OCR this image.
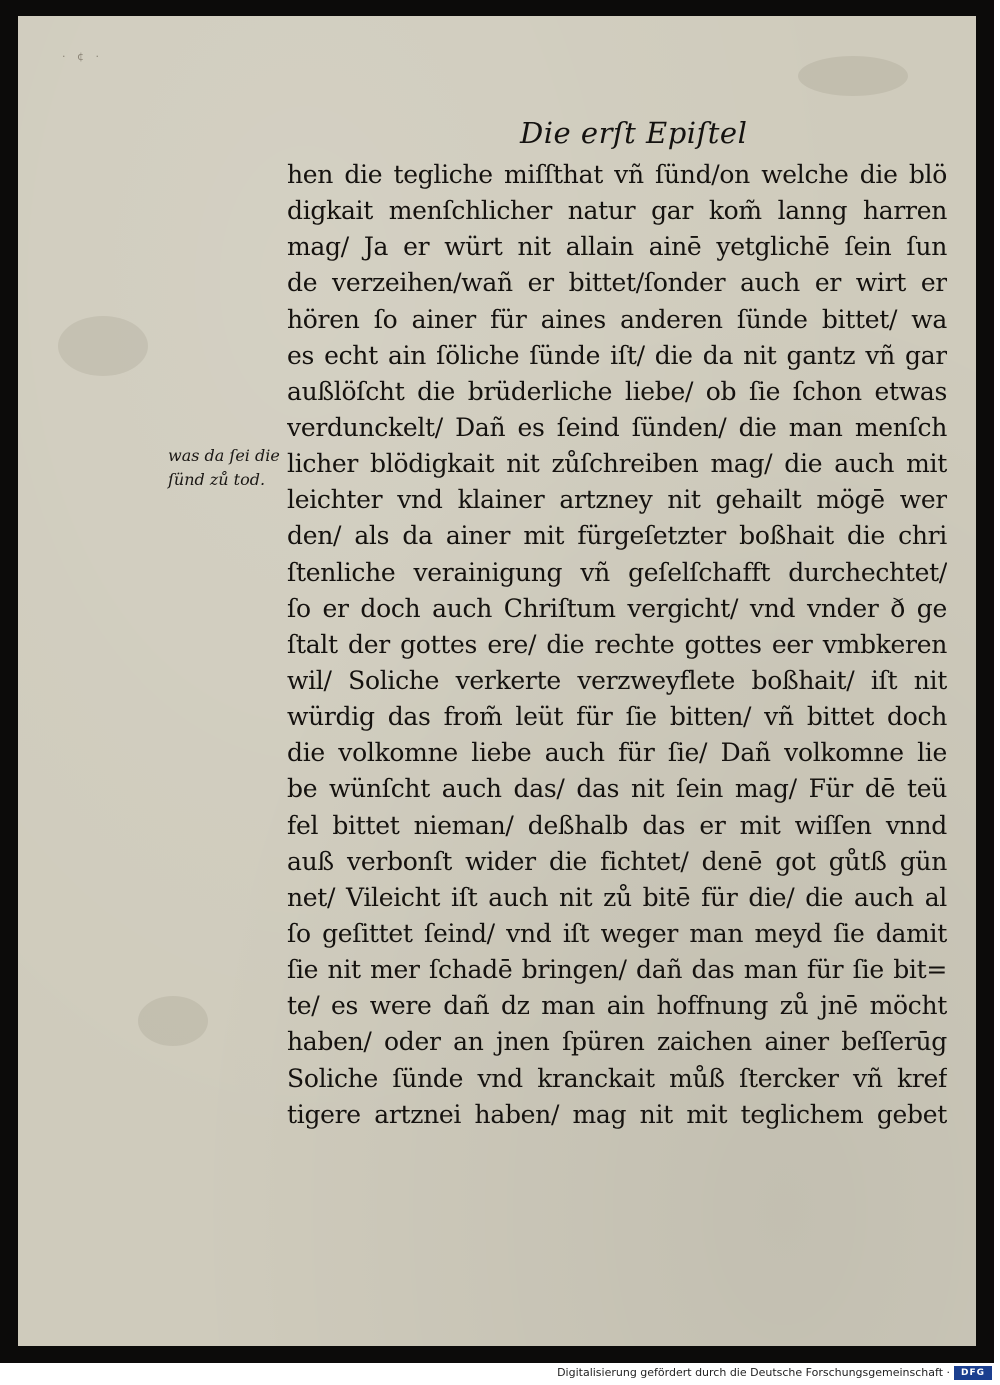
· ¢ ·
Die erſt Epiſtel
was da ſei die
ſünd zů tod.
hen die tegliche miſſthat vñ ſünd/on welche die blö
digkait menſchlicher natur gar kom̃ lanng harren
mag/ Ja er würt nit allain ainē yetglichē ſein ſun
de verzeihen/wañ er bittet/ſonder auch er wirt er
hören ſo ainer für aines anderen ſünde bittet/ wa
es echt ain ſöliche ſünde iſt/ die da nit gantz vñ gar
außlöſcht die brüderliche liebe/ ob ſie ſchon etwas
verdunckelt/ Dañ es ſeind ſünden/ die man menſch
licher blödigkait nit zůſchreiben mag/ die auch mit
leichter vnd klainer artzney nit gehailt mögē wer
den/ als da ainer mit fürgeſetzter boßhait die chri
ſtenliche verainigung vñ geſelſchafft durchechtet/
ſo er doch auch Chriſtum vergicht/ vnd vnder ð ge
ſtalt der gottes ere/ die rechte gottes eer vmbkeren
wil/ Soliche verkerte verzweyflete boßhait/ iſt nit
würdig das from̃ leüt für ſie bitten/ vñ bittet doch
die volkomne liebe auch für ſie/ Dañ volkomne lie
be wünſcht auch das/ das nit ſein mag/ Für dē teü
fel bittet nieman/ deßhalb das er mit wiſſen vnnd
auß verbonſt wider die fichtet/ denē got gůtß gün
net/ Vileicht iſt auch nit zů bitē für die/ die auch al
ſo geſittet ſeind/ vnd iſt weger man meyd ſie damit
ſie nit mer ſchadē bringen/ dañ das man für ſie bit=
te/ es were dañ dz man ain hoffnung zů jnē möcht
haben/ oder an jnen ſpüren zaichen ainer beſſerūg
Soliche ſünde vnd kranckait můß ſtercker vñ kref
tigere artznei haben/ mag nit mit teglichem gebet
Digitalisierung gefördert durch die Deutsche Forschungsgemeinschaft ·	DFG
